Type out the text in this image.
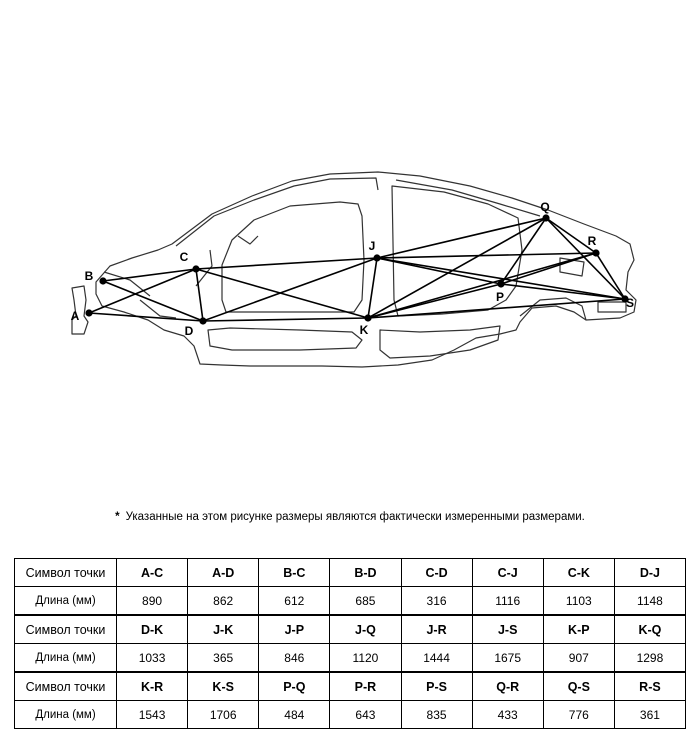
A
B
C
D
J
K
P
Q
R
S
* Указанные на этом рисунке размеры являются фактически измеренными размерами.
Символ точки	A-C	A-D	B-C	B-D	C-D	C-J	C-K	D-J
Длина (мм)	890	862	612	685	316	1116	1103	1148
Символ точки	D-K	J-K	J-P	J-Q	J-R	J-S	K-P	K-Q
Длина (мм)	1033	365	846	1120	1444	1675	907	1298
Символ точки	K-R	K-S	P-Q	P-R	P-S	Q-R	Q-S	R-S
Длина (мм)	1543	1706	484	643	835	433	776	361
